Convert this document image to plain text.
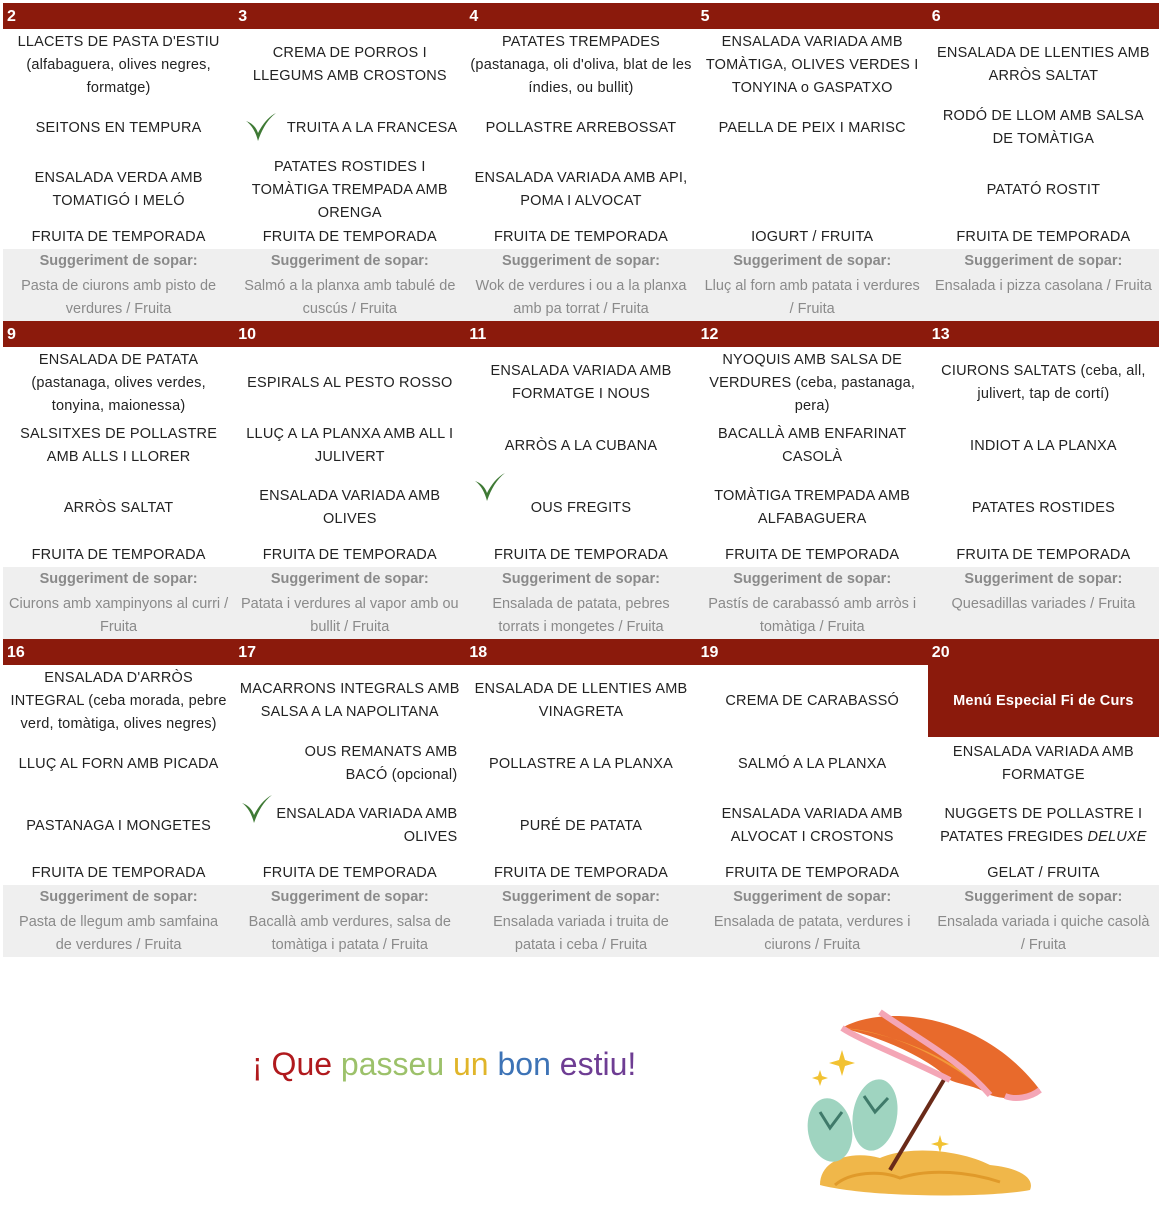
2
LLACETS DE PASTA D'ESTIU (alfabaguera, olives negres, formatge)
SEITONS EN TEMPURA
ENSALADA VERDA AMB TOMATIGÓ I MELÓ
FRUITA DE TEMPORADA
Suggeriment de sopar:
Pasta de ciurons amb pisto de verdures / Fruita
3
CREMA DE PORROS I LLEGUMS AMB CROSTONS
TRUITA A LA FRANCESA
PATATES ROSTIDES I TOMÀTIGA TREMPADA AMB ORENGA
FRUITA DE TEMPORADA
Suggeriment de sopar:
Salmó a la planxa amb tabulé de cuscús / Fruita
4
PATATES TREMPADES (pastanaga, oli d'oliva, blat de les índies, ou bullit)
POLLASTRE ARREBOSSAT
ENSALADA VARIADA AMB API, POMA I ALVOCAT
FRUITA DE TEMPORADA
Suggeriment de sopar:
Wok de verdures i ou a la planxa amb pa torrat / Fruita
5
ENSALADA VARIADA AMB TOMÀTIGA, OLIVES VERDES I TONYINA o GASPATXO
PAELLA DE PEIX I MARISC
IOGURT / FRUITA
Suggeriment de sopar:
Lluç al forn amb patata i verdures / Fruita
6
ENSALADA DE LLENTIES AMB ARRÒS SALTAT
RODÓ DE LLOM AMB SALSA DE TOMÀTIGA
PATATÓ ROSTIT
FRUITA DE TEMPORADA
Suggeriment de sopar:
Ensalada i pizza casolana / Fruita
9
ENSALADA DE PATATA (pastanaga, olives verdes, tonyina, maionessa)
SALSITXES DE POLLASTRE AMB ALLS I LLORER
ARRÒS SALTAT
FRUITA DE TEMPORADA
Suggeriment de sopar:
Ciurons amb xampinyons al curri / Fruita
10
ESPIRALS AL PESTO ROSSO
LLUÇ A LA PLANXA AMB ALL I JULIVERT
ENSALADA VARIADA AMB OLIVES
FRUITA DE TEMPORADA
Suggeriment de sopar:
Patata i verdures al vapor amb ou bullit / Fruita
11
ENSALADA VARIADA AMB FORMATGE I NOUS
ARRÒS A LA CUBANA
OUS FREGITS
FRUITA DE TEMPORADA
Suggeriment de sopar:
Ensalada de patata, pebres torrats i mongetes / Fruita
12
NYOQUIS AMB SALSA DE VERDURES (ceba, pastanaga, pera)
BACALLÀ AMB ENFARINAT CASOLÀ
TOMÀTIGA TREMPADA AMB ALFABAGUERA
FRUITA DE TEMPORADA
Suggeriment de sopar:
Pastís de carabassó amb arròs i tomàtiga / Fruita
13
CIURONS SALTATS (ceba, all, julivert, tap de cortí)
INDIOT A LA PLANXA
PATATES ROSTIDES
FRUITA DE TEMPORADA
Suggeriment de sopar:
Quesadillas variades / Fruita
16
ENSALADA D'ARRÒS INTEGRAL (ceba morada, pebre verd, tomàtiga, olives negres)
LLUÇ AL FORN AMB PICADA
PASTANAGA I MONGETES
FRUITA DE TEMPORADA
Suggeriment de sopar:
Pasta de llegum amb samfaina de verdures / Fruita
17
MACARRONS INTEGRALS AMB SALSA A LA NAPOLITANA
OUS REMANATS AMB BACÓ (opcional)
ENSALADA VARIADA AMB OLIVES
FRUITA DE TEMPORADA
Suggeriment de sopar:
Bacallà amb verdures, salsa de tomàtiga i patata / Fruita
18
ENSALADA DE LLENTIES AMB VINAGRETA
POLLASTRE A LA PLANXA
PURÉ DE PATATA
FRUITA DE TEMPORADA
Suggeriment de sopar:
Ensalada variada i truita de patata i ceba / Fruita
19
CREMA DE CARABASSÓ
SALMÓ A LA PLANXA
ENSALADA VARIADA AMB ALVOCAT I CROSTONS
FRUITA DE TEMPORADA
Suggeriment de sopar:
Ensalada de patata, verdures i ciurons / Fruita
20
Menú Especial Fi de Curs
ENSALADA VARIADA AMB FORMATGE
NUGGETS DE POLLASTRE I PATATES FREGIDES DELUXE
GELAT / FRUITA
Suggeriment de sopar:
Ensalada variada i quiche casolà / Fruita
¡ Que passeu un bon estiu!
